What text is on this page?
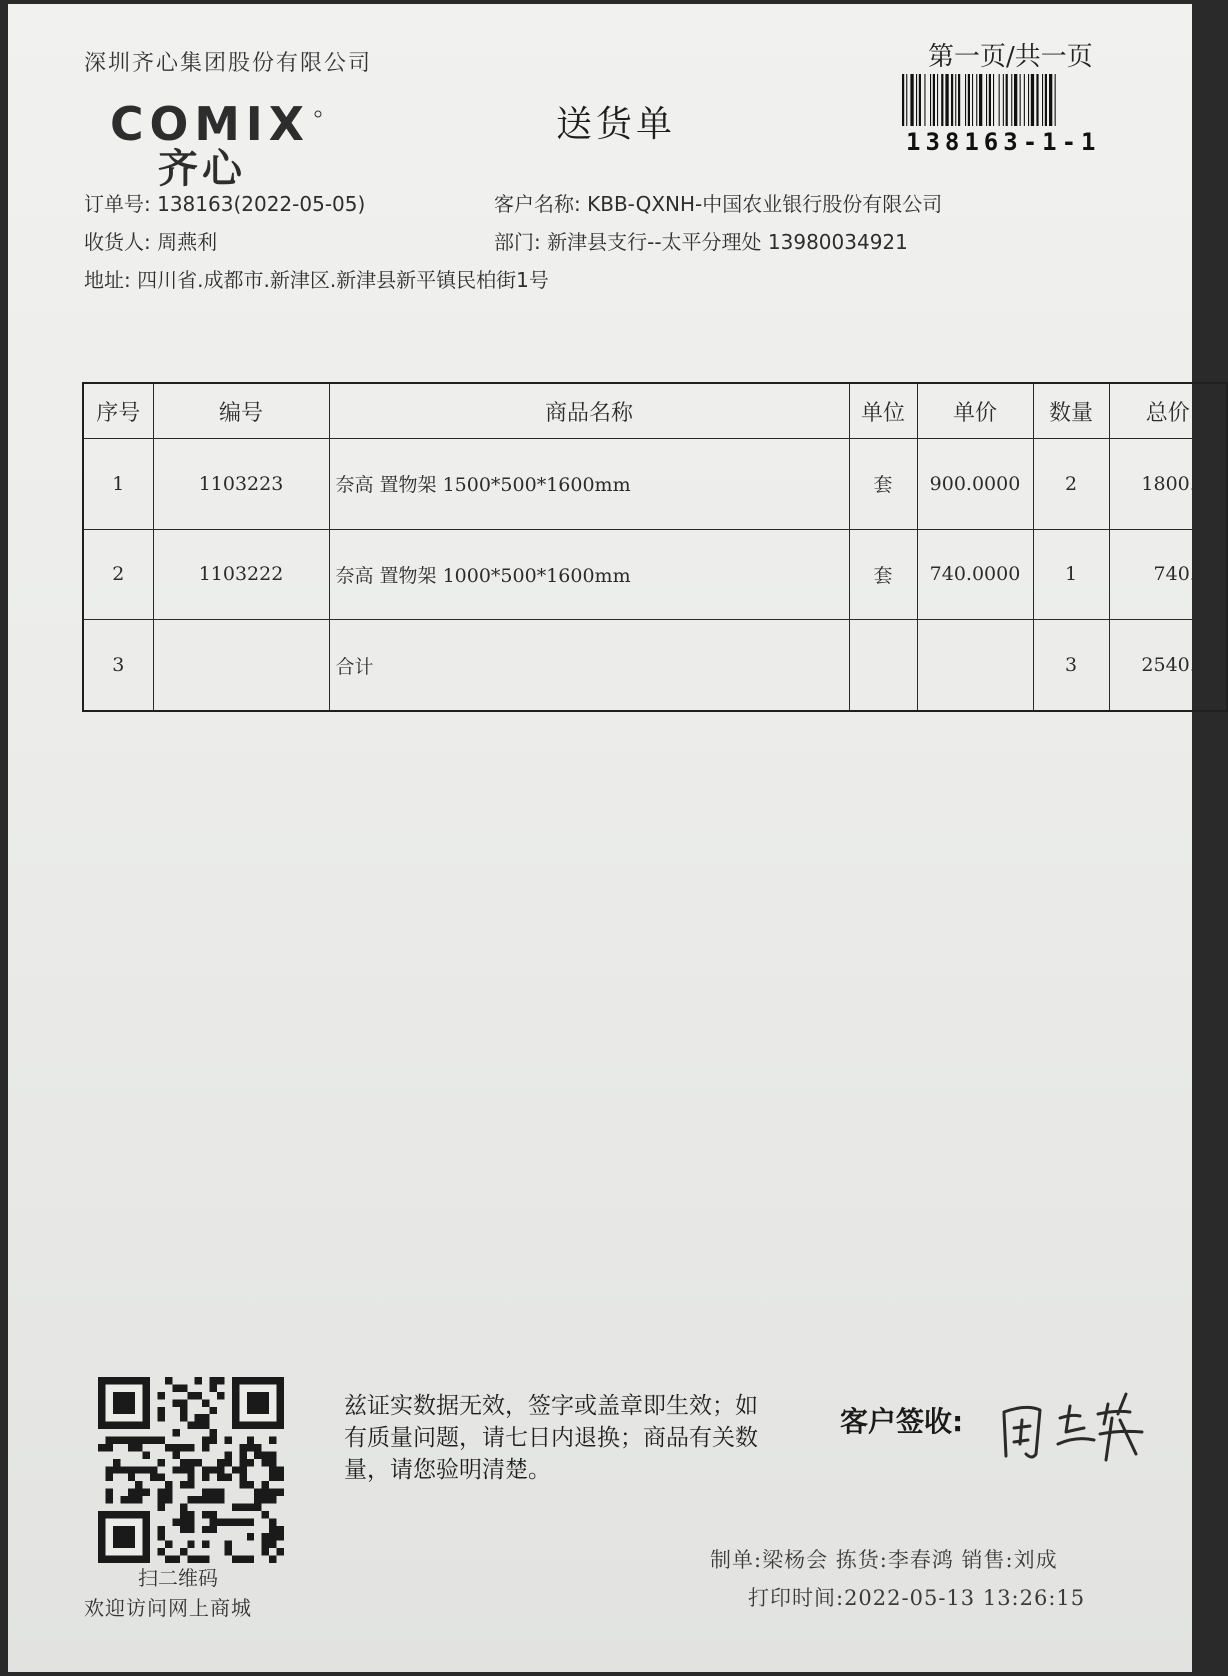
深圳齐心集团股份有限公司	第一页/共一页
138163-1-1
COMIX
齐心
送货单
订单号: 138163(2022-05-05)	客户名称: KBB-QXNH-中国农业银行股份有限公司
收货人: 周燕利	部门: 新津县支行--太平分理处 13980034921
地址: 四川省.成都市.新津区.新津县新平镇民柏街1号
序号	编号	商品名称	单位	单价	数量	总价
1	1103223	奈高 置物架 1500*500*1600mm	套	900.0000	2	1800.00
2	1103222	奈高 置物架 1000*500*1600mm	套	740.0000	1	740.00
3		合计			3	2540.00
扫二维码
欢迎访问网上商城
兹证实数据无效，签字或盖章即生效；如有质量问题，请七日内退换；商品有关数量，请您验明清楚。
客户签收:
制单:梁杨会 拣货:李春鸿 销售:刘成
打印时间:2022-05-13 13:26:15
